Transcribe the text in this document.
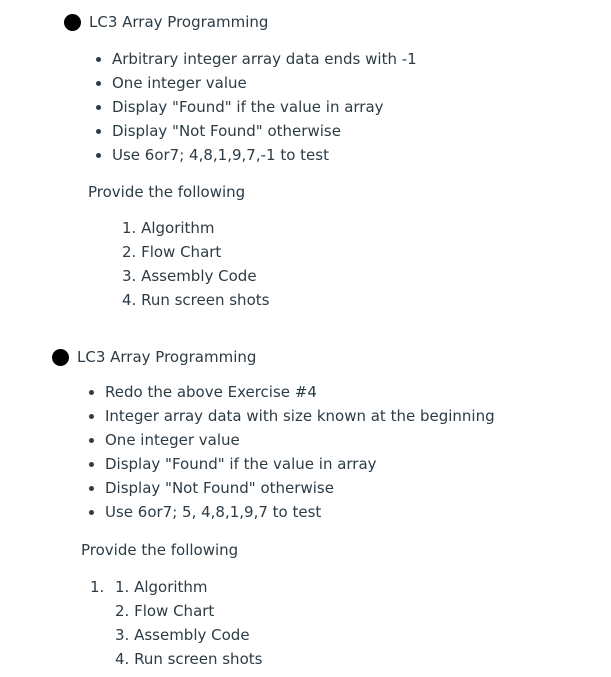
LC3 Array Programming
Arbitrary integer array data ends with -1
One integer value
Display "Found" if the value in array
Display "Not Found" otherwise
Use 6or7; 4,8,1,9,7,-1 to test
Provide the following
1. Algorithm
2. Flow Chart
3. Assembly Code
4. Run screen shots
LC3 Array Programming
Redo the above Exercise #4
Integer array data with size known at the beginning
One integer value
Display "Found" if the value in array
Display "Not Found" otherwise
Use 6or7; 5, 4,8,1,9,7 to test
Provide the following
1. 1. Algorithm
2. Flow Chart
3. Assembly Code
4. Run screen shots
